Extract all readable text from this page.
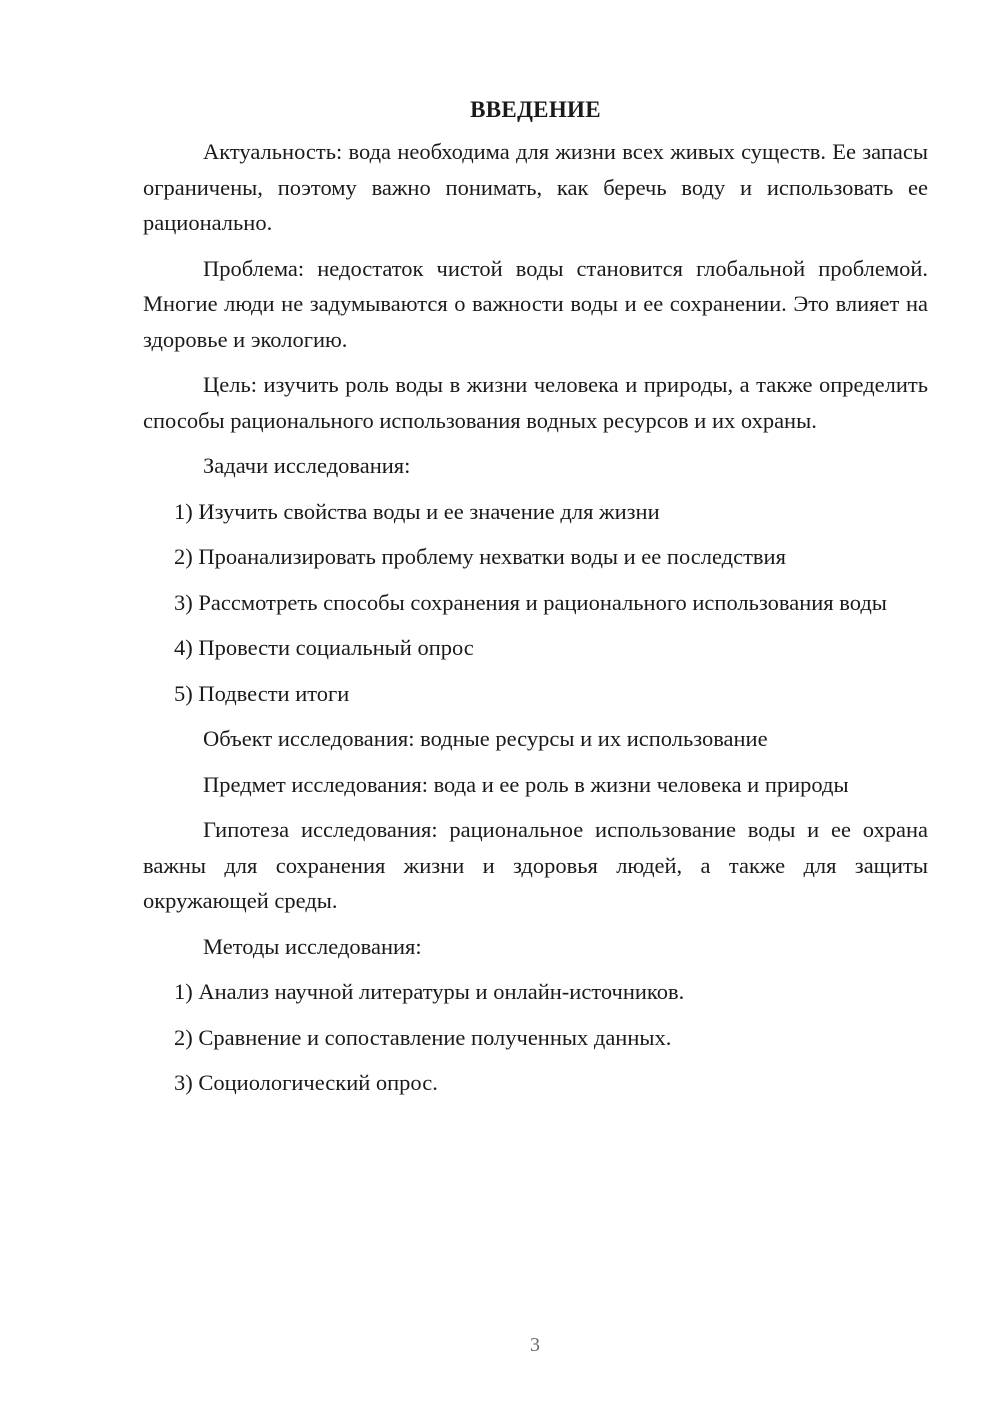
ВВЕДЕНИЕ

Актуальность: вода необходима для жизни всех живых существ. Ее запасы ограничены, поэтому важно понимать, как беречь воду и использовать ее рационально.

Проблема: недостаток чистой воды становится глобальной проблемой. Многие люди не задумываются о важности воды и ее сохранении. Это влияет на здоровье и экологию.

Цель: изучить роль воды в жизни человека и природы, а также определить способы рационального использования водных ресурсов и их охраны.

Задачи исследования:

1) Изучить свойства воды и ее значение для жизни

2) Проанализировать проблему нехватки воды и ее последствия

3) Рассмотреть способы сохранения и рационального использования воды

4) Провести социальный опрос

5) Подвести итоги

Объект исследования: водные ресурсы и их использование

Предмет исследования: вода и ее роль в жизни человека и природы

Гипотеза исследования: рациональное использование воды и ее охрана важны для сохранения жизни и здоровья людей, а также для защиты окружающей среды.

Методы исследования:

1) Анализ научной литературы и онлайн-источников.

2) Сравнение и сопоставление полученных данных.

3) Социологический опрос.

3
